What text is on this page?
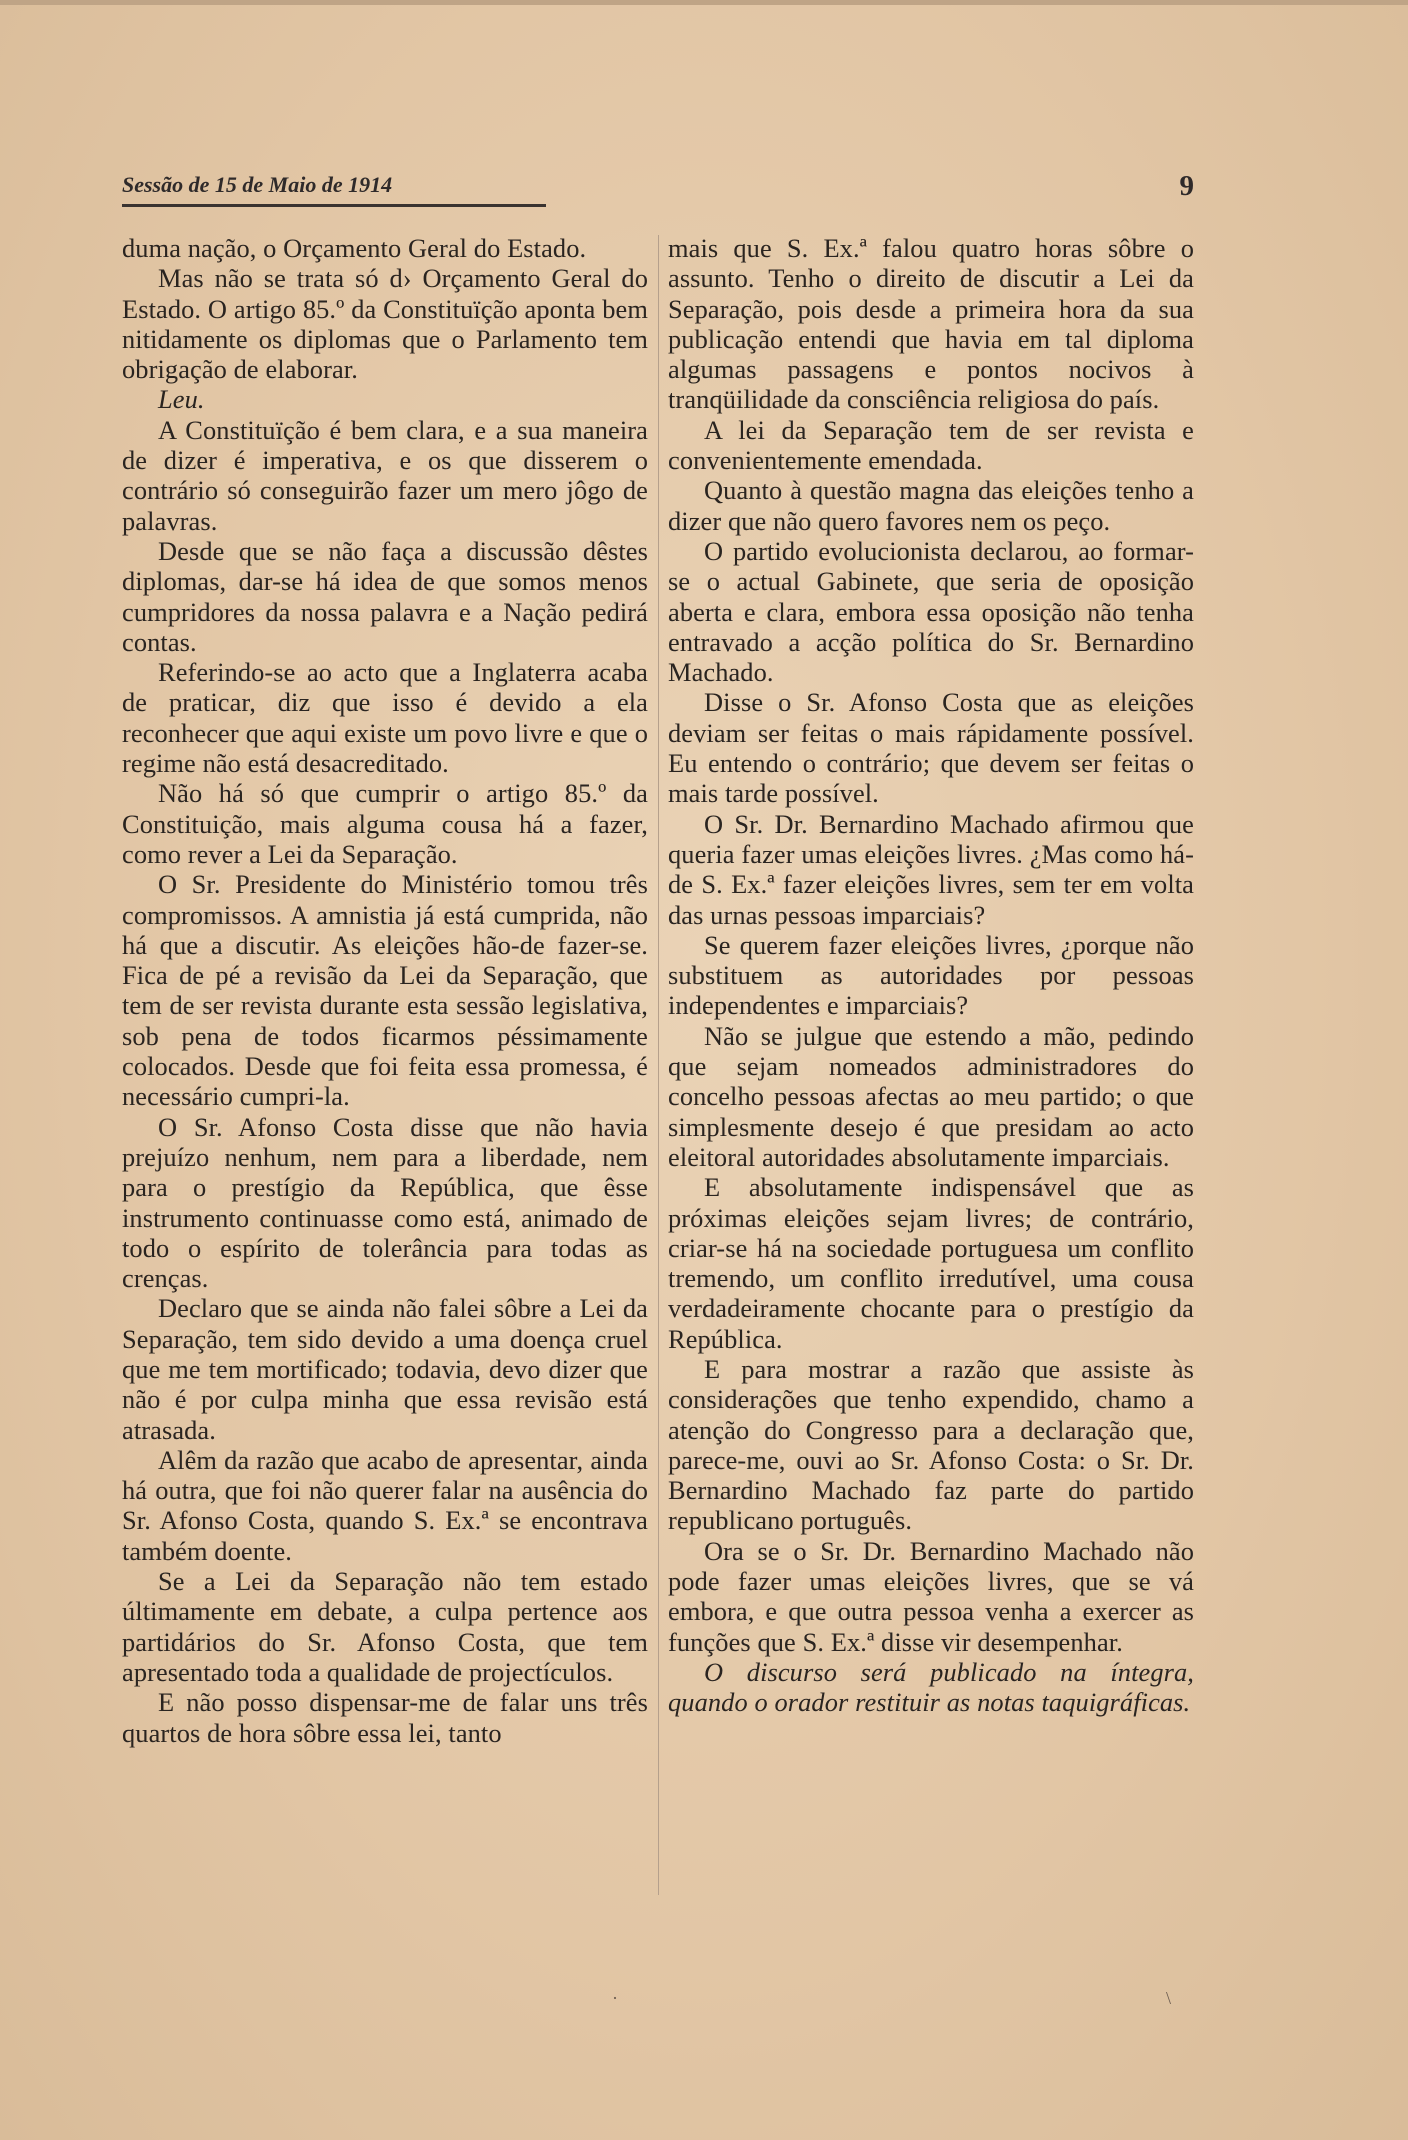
Sessão de 15 de Maio de 1914	9

duma nação, o Orçamento Geral do Estado.

Mas não se trata só d› Orçamento Geral do Estado. O artigo 85.º da Constituïção aponta bem nitidamente os diplomas que o Parlamento tem obrigação de elaborar.

Leu.

A Constituïção é bem clara, e a sua maneira de dizer é imperativa, e os que disserem o contrário só conseguirão fazer um mero jôgo de palavras.

Desde que se não faça a discussão dêstes diplomas, dar-se há idea de que somos menos cumpridores da nossa palavra e a Nação pedirá contas.

Referindo-se ao acto que a Inglaterra acaba de praticar, diz que isso é devido a ela reconhecer que aqui existe um povo livre e que o regime não está desacreditado.

Não há só que cumprir o artigo 85.º da Constituição, mais alguma cousa há a fazer, como rever a Lei da Separação.

O Sr. Presidente do Ministério tomou três compromissos. A amnistia já está cumprida, não há que a discutir. As eleições hão-de fazer-se. Fica de pé a revisão da Lei da Separação, que tem de ser revista durante esta sessão legislativa, sob pena de todos ficarmos péssimamente colocados. Desde que foi feita essa promessa, é necessário cumpri-la.

O Sr. Afonso Costa disse que não havia prejuízo nenhum, nem para a liberdade, nem para o prestígio da República, que êsse instrumento continuasse como está, animado de todo o espírito de tolerância para todas as crenças.

Declaro que se ainda não falei sôbre a Lei da Separação, tem sido devido a uma doença cruel que me tem mortificado; todavia, devo dizer que não é por culpa minha que essa revisão está atrasada.

Alêm da razão que acabo de apresentar, ainda há outra, que foi não querer falar na ausência do Sr. Afonso Costa, quando S. Ex.ª se encontrava também doente.

Se a Lei da Separação não tem estado últimamente em debate, a culpa pertence aos partidários do Sr. Afonso Costa, que tem apresentado toda a qualidade de projectículos.

E não posso dispensar-me de falar uns três quartos de hora sôbre essa lei, tanto

mais que S. Ex.ª falou quatro horas sôbre o assunto. Tenho o direito de discutir a Lei da Separação, pois desde a primeira hora da sua publicação entendi que havia em tal diploma algumas passagens e pontos nocivos à tranqüilidade da consciência religiosa do país.

A lei da Separação tem de ser revista e convenientemente emendada.

Quanto à questão magna das eleições tenho a dizer que não quero favores nem os peço.

O partido evolucionista declarou, ao formar-se o actual Gabinete, que seria de oposição aberta e clara, embora essa oposição não tenha entravado a acção política do Sr. Bernardino Machado.

Disse o Sr. Afonso Costa que as eleições deviam ser feitas o mais rápidamente possível. Eu entendo o contrário; que devem ser feitas o mais tarde possível.

O Sr. Dr. Bernardino Machado afirmou que queria fazer umas eleições livres. ¿Mas como há-de S. Ex.ª fazer eleições livres, sem ter em volta das urnas pessoas imparciais?

Se querem fazer eleições livres, ¿porque não substituem as autoridades por pessoas independentes e imparciais?

Não se julgue que estendo a mão, pedindo que sejam nomeados administradores do concelho pessoas afectas ao meu partido; o que simplesmente desejo é que presidam ao acto eleitoral autoridades absolutamente imparciais.

E absolutamente indispensável que as próximas eleições sejam livres; de contrário, criar-se há na sociedade portuguesa um conflito tremendo, um conflito irredutível, uma cousa verdadeiramente chocante para o prestígio da República.

E para mostrar a razão que assiste às considerações que tenho expendido, chamo a atenção do Congresso para a declaração que, parece-me, ouvi ao Sr. Afonso Costa: o Sr. Dr. Bernardino Machado faz parte do partido republicano português.

Ora se o Sr. Dr. Bernardino Machado não pode fazer umas eleições livres, que se vá embora, e que outra pessoa venha a exercer as funções que S. Ex.ª disse vir desempenhar.

O discurso será publicado na íntegra, quando o orador restituir as notas taquigráficas.

·	\
